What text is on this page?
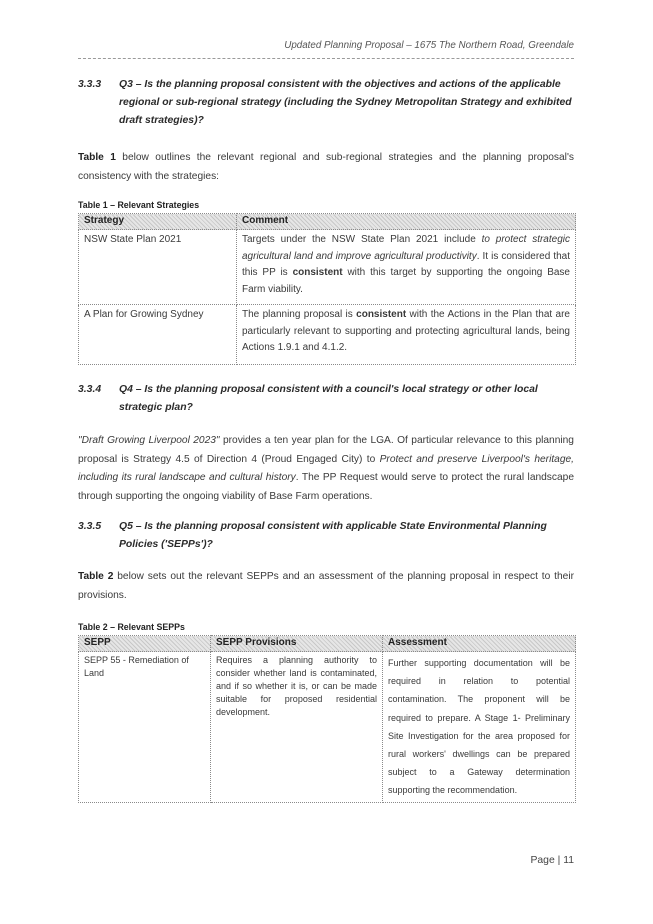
Updated Planning Proposal – 1675 The Northern Road, Greendale
3.3.3	Q3 – Is the planning proposal consistent with the objectives and actions of the applicable regional or sub-regional strategy (including the Sydney Metropolitan Strategy and exhibited draft strategies)?
Table 1 below outlines the relevant regional and sub-regional strategies and the planning proposal's consistency with the strategies:
Table 1 – Relevant Strategies
Strategy	Comment
NSW State Plan 2021	Targets under the NSW State Plan 2021 include to protect strategic agricultural land and improve agricultural productivity. It is considered that this PP is consistent with this target by supporting the ongoing Base Farm viability.
A Plan for Growing Sydney	The planning proposal is consistent with the Actions in the Plan that are particularly relevant to supporting and protecting agricultural lands, being Actions 1.9.1 and 4.1.2.
3.3.4	Q4 – Is the planning proposal consistent with a council's local strategy or other local strategic plan?
"Draft Growing Liverpool 2023" provides a ten year plan for the LGA. Of particular relevance to this planning proposal is Strategy 4.5 of Direction 4 (Proud Engaged City) to Protect and preserve Liverpool's heritage, including its rural landscape and cultural history. The PP Request would serve to protect the rural landscape through supporting the ongoing viability of Base Farm operations.
3.3.5	Q5 – Is the planning proposal consistent with applicable State Environmental Planning Policies ('SEPPs')?
Table 2 below sets out the relevant SEPPs and an assessment of the planning proposal in respect to their provisions.
Table 2 – Relevant SEPPs
SEPP	SEPP Provisions	Assessment
SEPP 55 - Remediation of Land	Requires a planning authority to consider whether land is contaminated, and if so whether it is, or can be made suitable for proposed residential development.	Further supporting documentation will be required in relation to potential contamination. The proponent will be required to prepare. A Stage 1- Preliminary Site Investigation for the area proposed for rural workers' dwellings can be prepared subject to a Gateway determination supporting the recommendation.
Page | 11
